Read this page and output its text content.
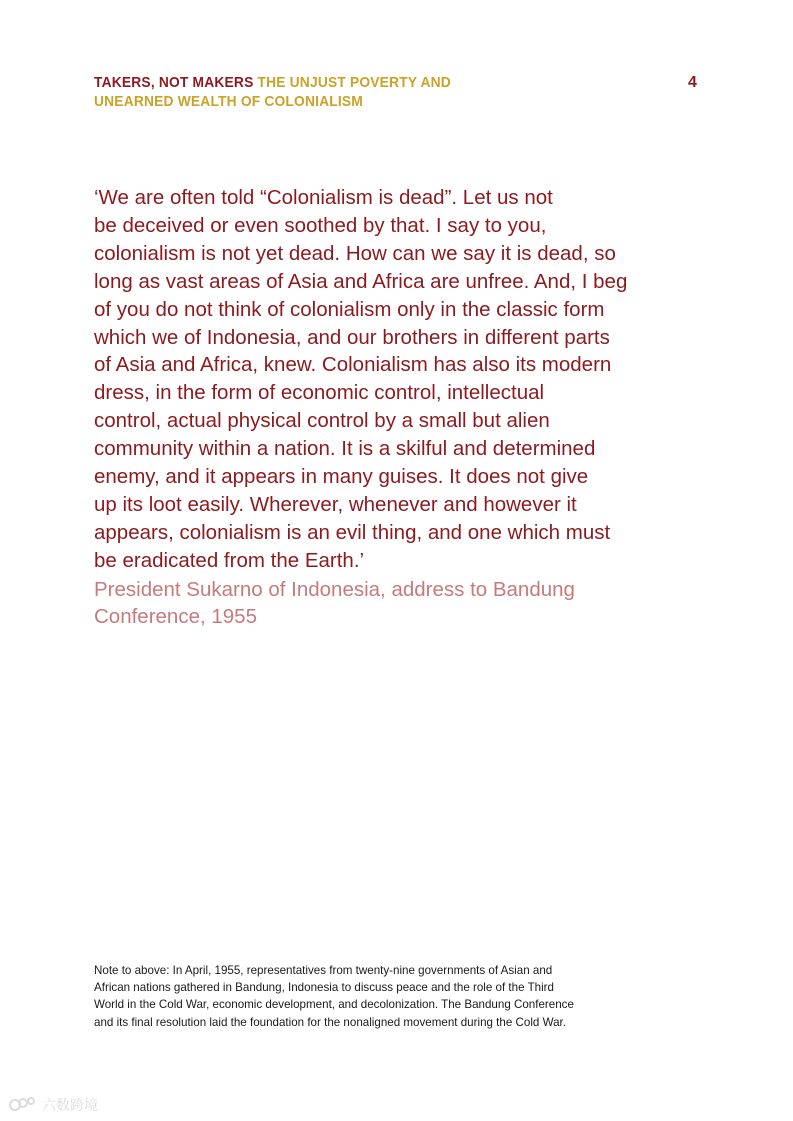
TAKERS, NOT MAKERS THE UNJUST POVERTY AND
UNEARNED WEALTH OF COLONIALISM
4

‘We are often told “Colonialism is dead”. Let us not
be deceived or even soothed by that. I say to you,
colonialism is not yet dead. How can we say it is dead, so
long as vast areas of Asia and Africa are unfree. And, I beg
of you do not think of colonialism only in the classic form
which we of Indonesia, and our brothers in different parts
of Asia and Africa, knew. Colonialism has also its modern
dress, in the form of economic control, intellectual
control, actual physical control by a small but alien
community within a nation. It is a skilful and determined
enemy, and it appears in many guises. It does not give
up its loot easily. Wherever, whenever and however it
appears, colonialism is an evil thing, and one which must
be eradicated from the Earth.’

President Sukarno of Indonesia, address to Bandung
Conference, 1955

Note to above: In April, 1955, representatives from twenty-nine governments of Asian and
African nations gathered in Bandung, Indonesia to discuss peace and the role of the Third
World in the Cold War, economic development, and decolonization. The Bandung Conference
and its final resolution laid the foundation for the nonaligned movement during the Cold War.

六数跨境
